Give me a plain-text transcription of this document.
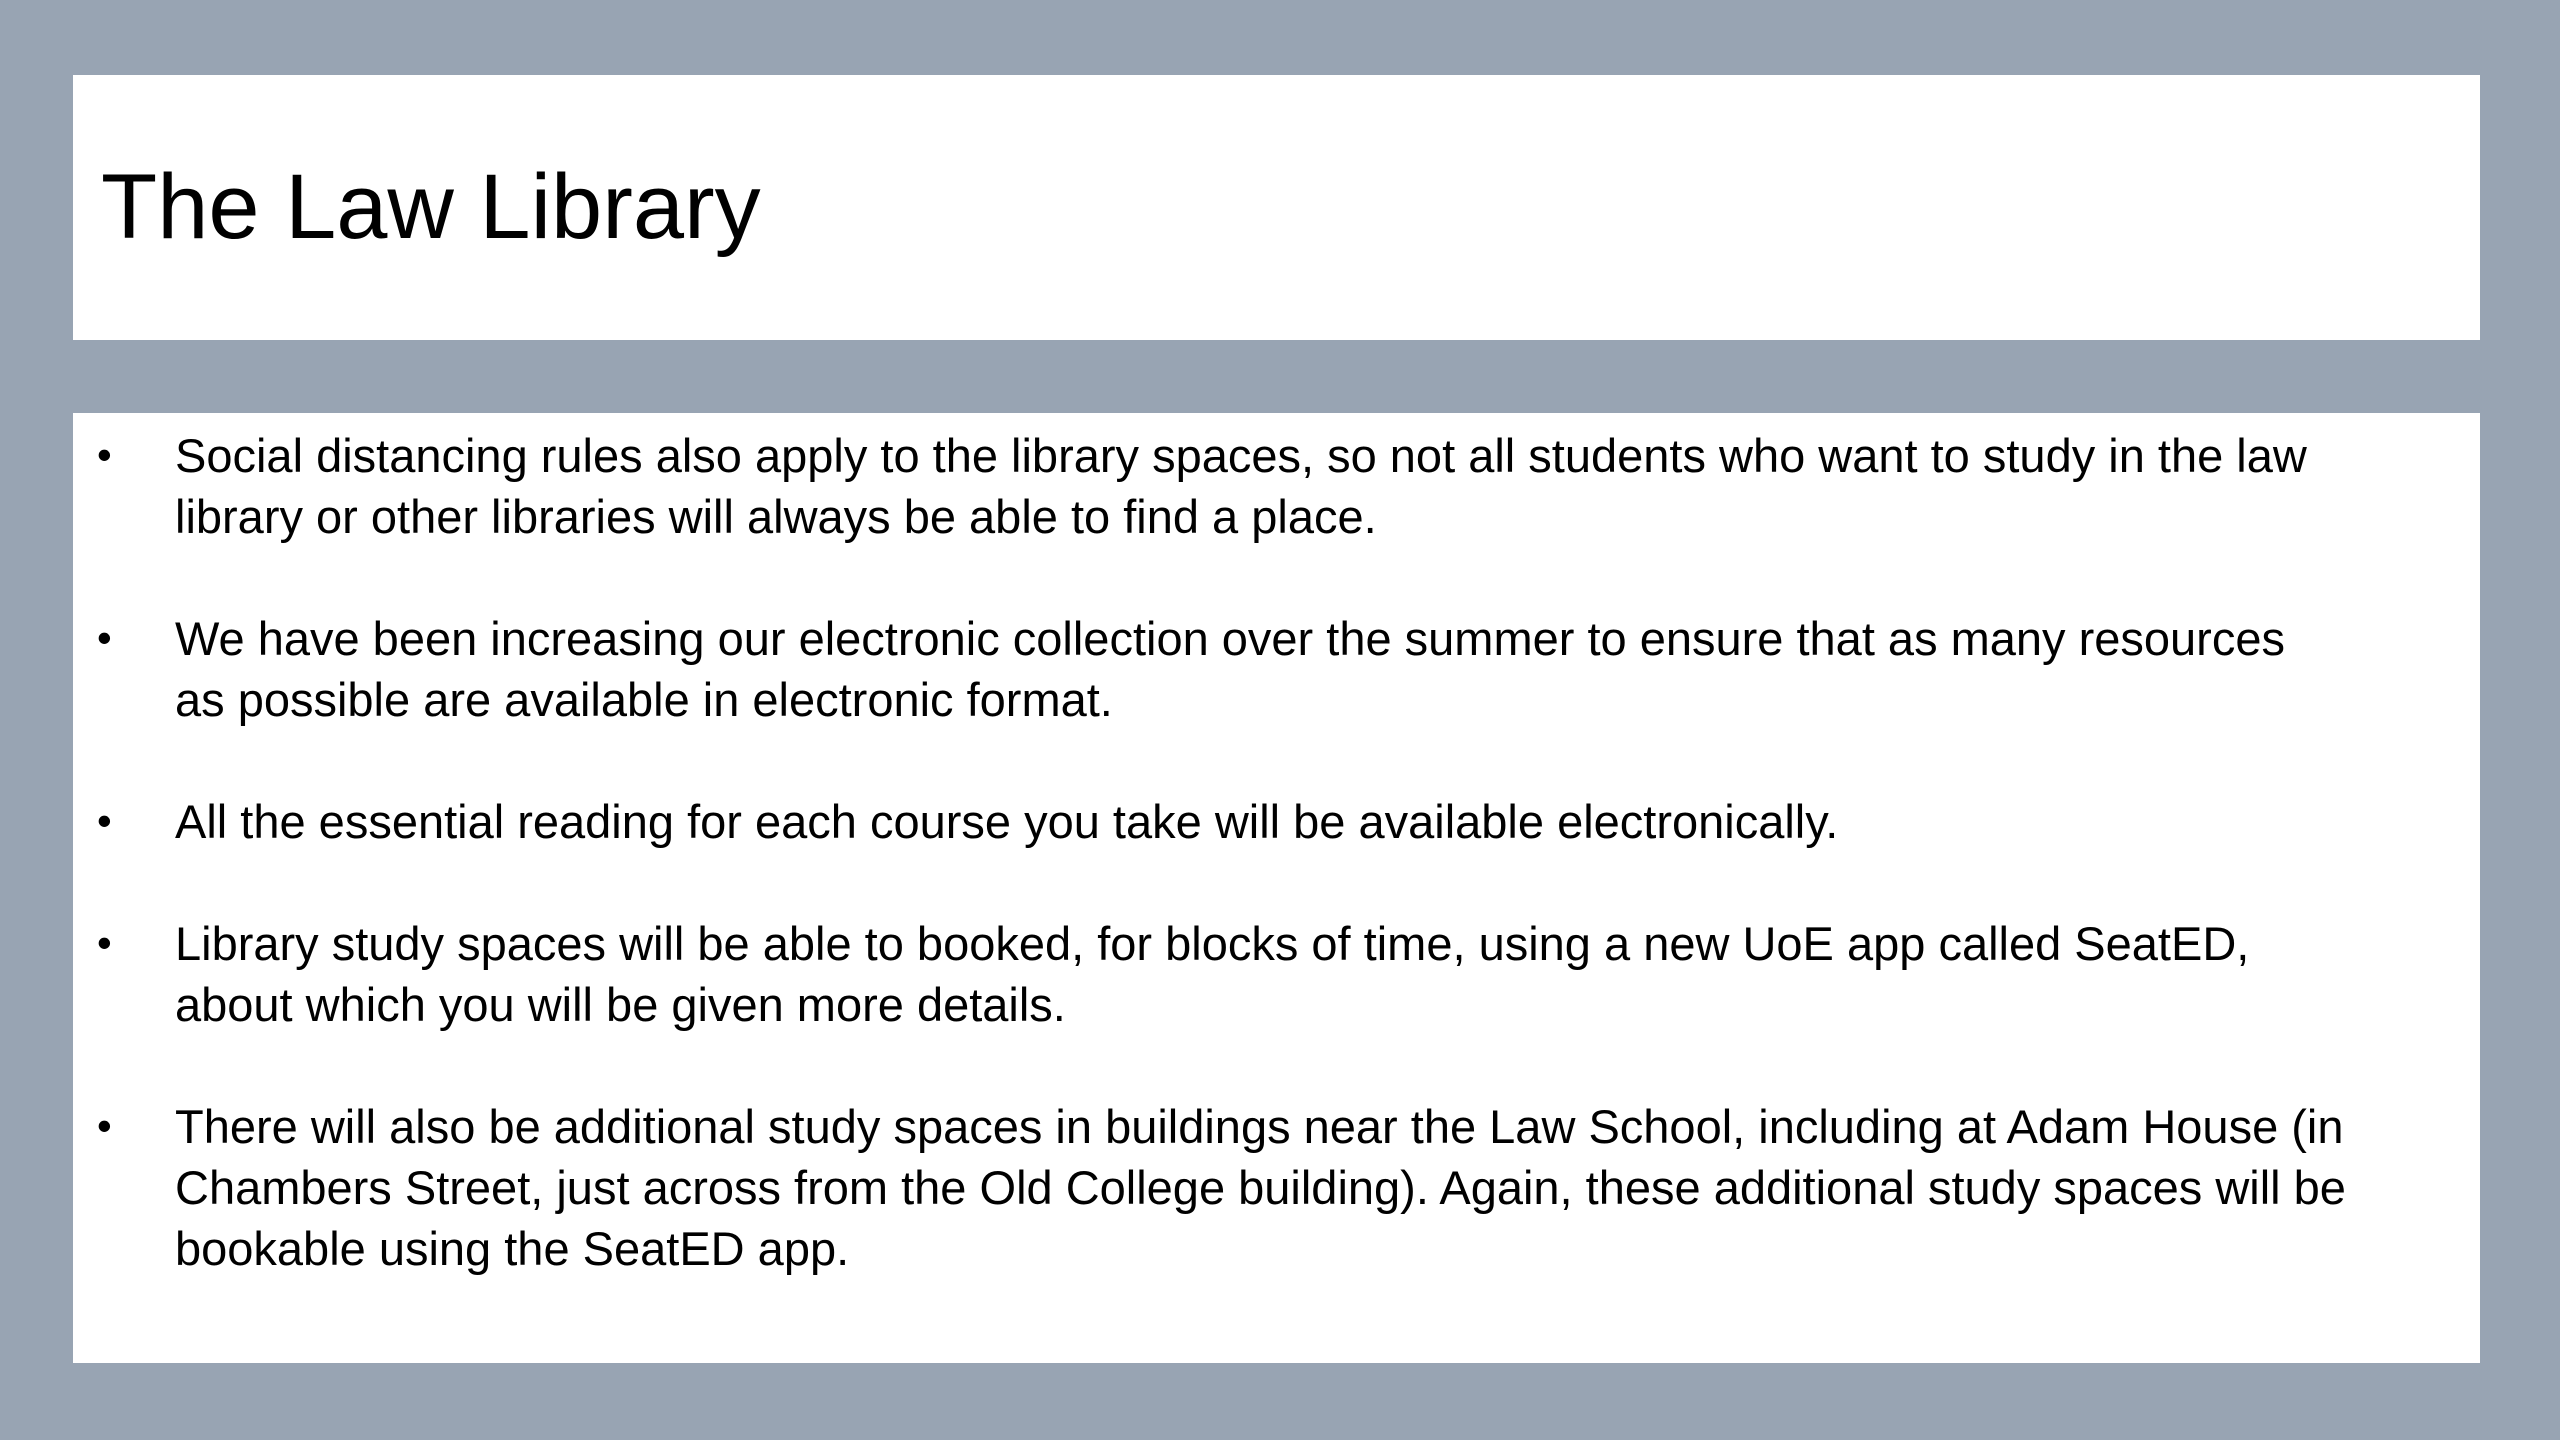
The Law Library
• Social distancing rules also apply to the library spaces, so not all students who want to study in the law
library or other libraries will always be able to find a place.

• We have been increasing our electronic collection over the summer to ensure that as many resources
as possible are available in electronic format.

• All the essential reading for each course you take will be available electronically.

• Library study spaces will be able to booked, for blocks of time, using a new UoE app called SeatED,
about which you will be given more details.

• There will also be additional study spaces in buildings near the Law School, including at Adam House (in
Chambers Street, just across from the Old College building). Again, these additional study spaces will be
bookable using the SeatED app.
